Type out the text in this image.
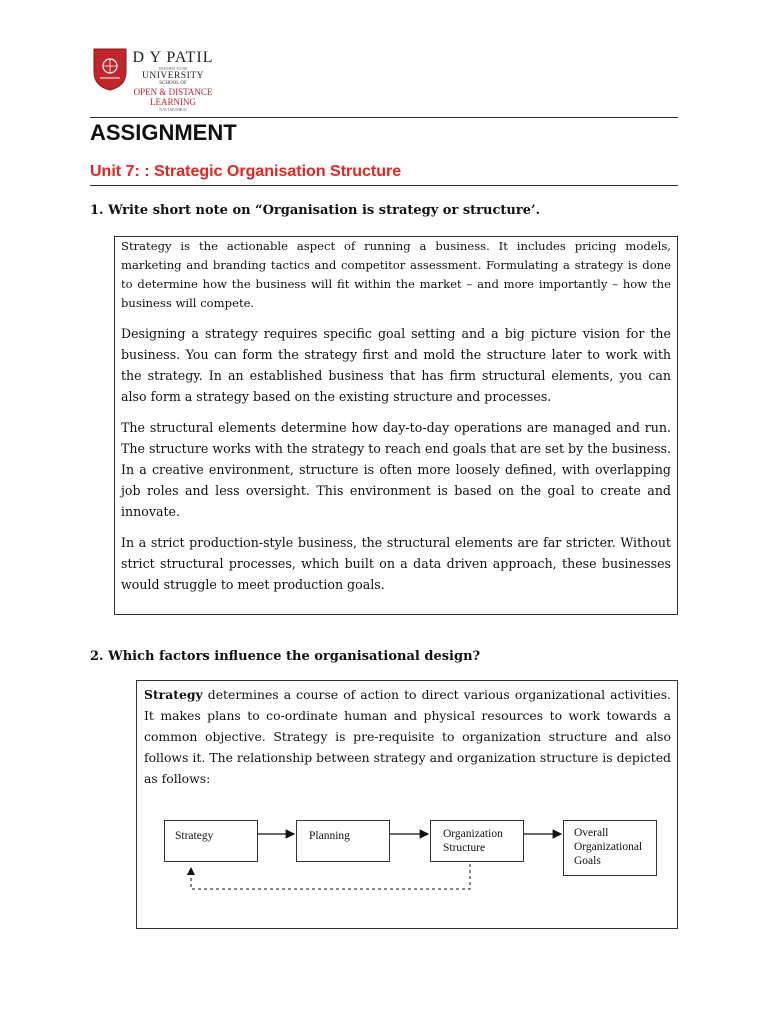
D Y PATIL
DEEMED TO BE
UNIVERSITY
SCHOOL OF
OPEN & DISTANCE
LEARNING
NAVI MUMBAI
ASSIGNMENT
Unit 7: : Strategic Organisation Structure
1. Write short note on “Organisation is strategy or structure’.

Strategy is the actionable aspect of running a business. It includes pricing models, marketing and branding tactics and competitor assessment. Formulating a strategy is done to determine how the business will fit within the market – and more importantly – how the business will compete.

Designing a strategy requires specific goal setting and a big picture vision for the business. You can form the strategy first and mold the structure later to work with the strategy. In an established business that has firm structural elements, you can also form a strategy based on the existing structure and processes.

The structural elements determine how day-to-day operations are managed and run. The structure works with the strategy to reach end goals that are set by the business. In a creative environment, structure is often more loosely defined, with overlapping job roles and less oversight. This environment is based on the goal to create and innovate.

In a strict production-style business, the structural elements are far stricter. Without strict structural processes, which built on a data driven approach, these businesses would struggle to meet production goals.

2. Which factors influence the organisational design?

Strategy determines a course of action to direct various organizational activities. It makes plans to co-ordinate human and physical resources to work towards a common objective. Strategy is pre-requisite to organization structure and also follows it. The relationship between strategy and organization structure is depicted as follows:

Strategy	Planning	Organization
Structure
Overall
Organizational
Goals
